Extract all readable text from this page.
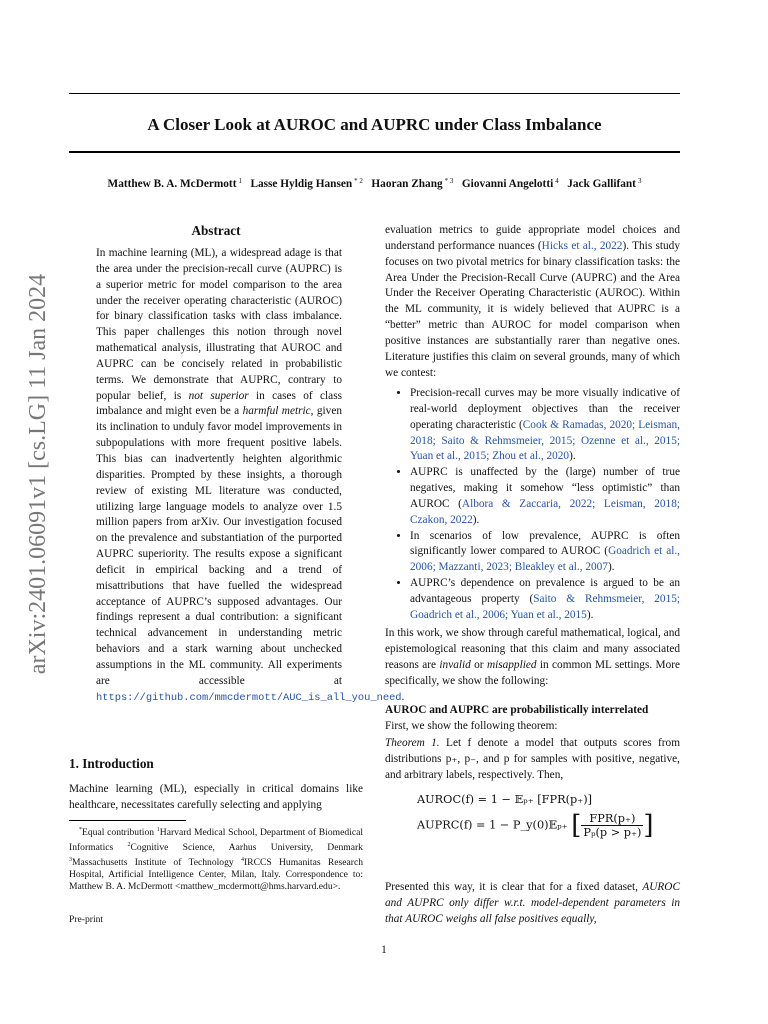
arXiv:2401.06091v1 [cs.LG] 11 Jan 2024
A Closer Look at AUROC and AUPRC under Class Imbalance
Matthew B. A. McDermott $^1$ Lasse Hyldig Hansen $^{* 2}$ Haoran Zhang $^{* 3}$ Giovanni Angelotti $^4$ Jack Gallifant $^3$
Abstract
In machine learning (ML), a widespread adage is that the area under the precision-recall curve (AUPRC) is a superior metric for model comparison to the area under the receiver operating characteristic (AUROC) for binary classification tasks with class imbalance. This paper challenges this notion through novel mathematical analysis, illustrating that AUROC and AUPRC can be concisely related in probabilistic terms. We demonstrate that AUPRC, contrary to popular belief, is not superior in cases of class imbalance and might even be a harmful metric, given its inclination to unduly favor model improvements in subpopulations with more frequent positive labels. This bias can inadvertently heighten algorithmic disparities. Prompted by these insights, a thorough review of existing ML literature was conducted, utilizing large language models to analyze over 1.5 million papers from arXiv. Our investigation focused on the prevalence and substantiation of the purported AUPRC superiority. The results expose a significant deficit in empirical backing and a trend of misattributions that have fuelled the widespread acceptance of AUPRC’s supposed advantages. Our findings represent a dual contribution: a significant technical advancement in understanding metric behaviors and a stark warning about unchecked assumptions in the ML community. All experiments are accessible at https://github.com/mmcdermott/AUC_is_all_you_need.
1. Introduction
Machine learning (ML), especially in critical domains like healthcare, necessitates carefully selecting and applying
*Equal contribution $^1$Harvard Medical School, Department of Biomedical Informatics $^2$Cognitive Science, Aarhus University, Denmark $^3$Massachusetts Institute of Technology $^4$IRCCS Humanitas Research Hospital, Artificial Intelligence Center, Milan, Italy. Correspondence to: Matthew B. A. McDermott <matthew_mcdermott@hms.harvard.edu>.
Pre-print
evaluation metrics to guide appropriate model choices and understand performance nuances (Hicks et al., 2022). This study focuses on two pivotal metrics for binary classification tasks: the Area Under the Precision-Recall Curve (AUPRC) and the Area Under the Receiver Operating Characteristic (AUROC). Within the ML community, it is widely believed that AUPRC is a “better” metric than AUROC for model comparison when positive instances are substantially rarer than negative ones. Literature justifies this claim on several grounds, many of which we contest:
• Precision-recall curves may be more visually indicative of real-world deployment objectives than the receiver operating characteristic (Cook & Ramadas, 2020; Leisman, 2018; Saito & Rehmsmeier, 2015; Ozenne et al., 2015; Yuan et al., 2015; Zhou et al., 2020).
• AUPRC is unaffected by the (large) number of true negatives, making it somehow “less optimistic” than AUROC (Albora & Zaccaria, 2022; Leisman, 2018; Czakon, 2022).
• In scenarios of low prevalence, AUPRC is often significantly lower compared to AUROC (Goadrich et al., 2006; Mazzanti, 2023; Bleakley et al., 2007).
• AUPRC’s dependence on prevalence is argued to be an advantageous property (Saito & Rehmsmeier, 2015; Goadrich et al., 2006; Yuan et al., 2015).
In this work, we show through careful mathematical, logical, and epistemological reasoning that this claim and many associated reasons are invalid or misapplied in common ML settings. More specifically, we show the following:
AUROC and AUPRC are probabilistically interrelated
First, we show the following theorem:
Theorem 1. Let f denote a model that outputs scores from distributions p₊, p₋, and p for samples with positive, negative, and arbitrary labels, respectively. Then,
AUROC(f) = 1 − 𝔼ₚ₊ [FPR(p₊)]
AUPRC(f) = 1 − P_y(0)𝔼ₚ₊ [ $\frac{\text{FPR(p₊)}}{\text{Pₚ(p > p₊)}}$ ]
Presented this way, it is clear that for a fixed dataset, AUROC and AUPRC only differ w.r.t. model-dependent parameters in that AUROC weighs all false positives equally,
1
